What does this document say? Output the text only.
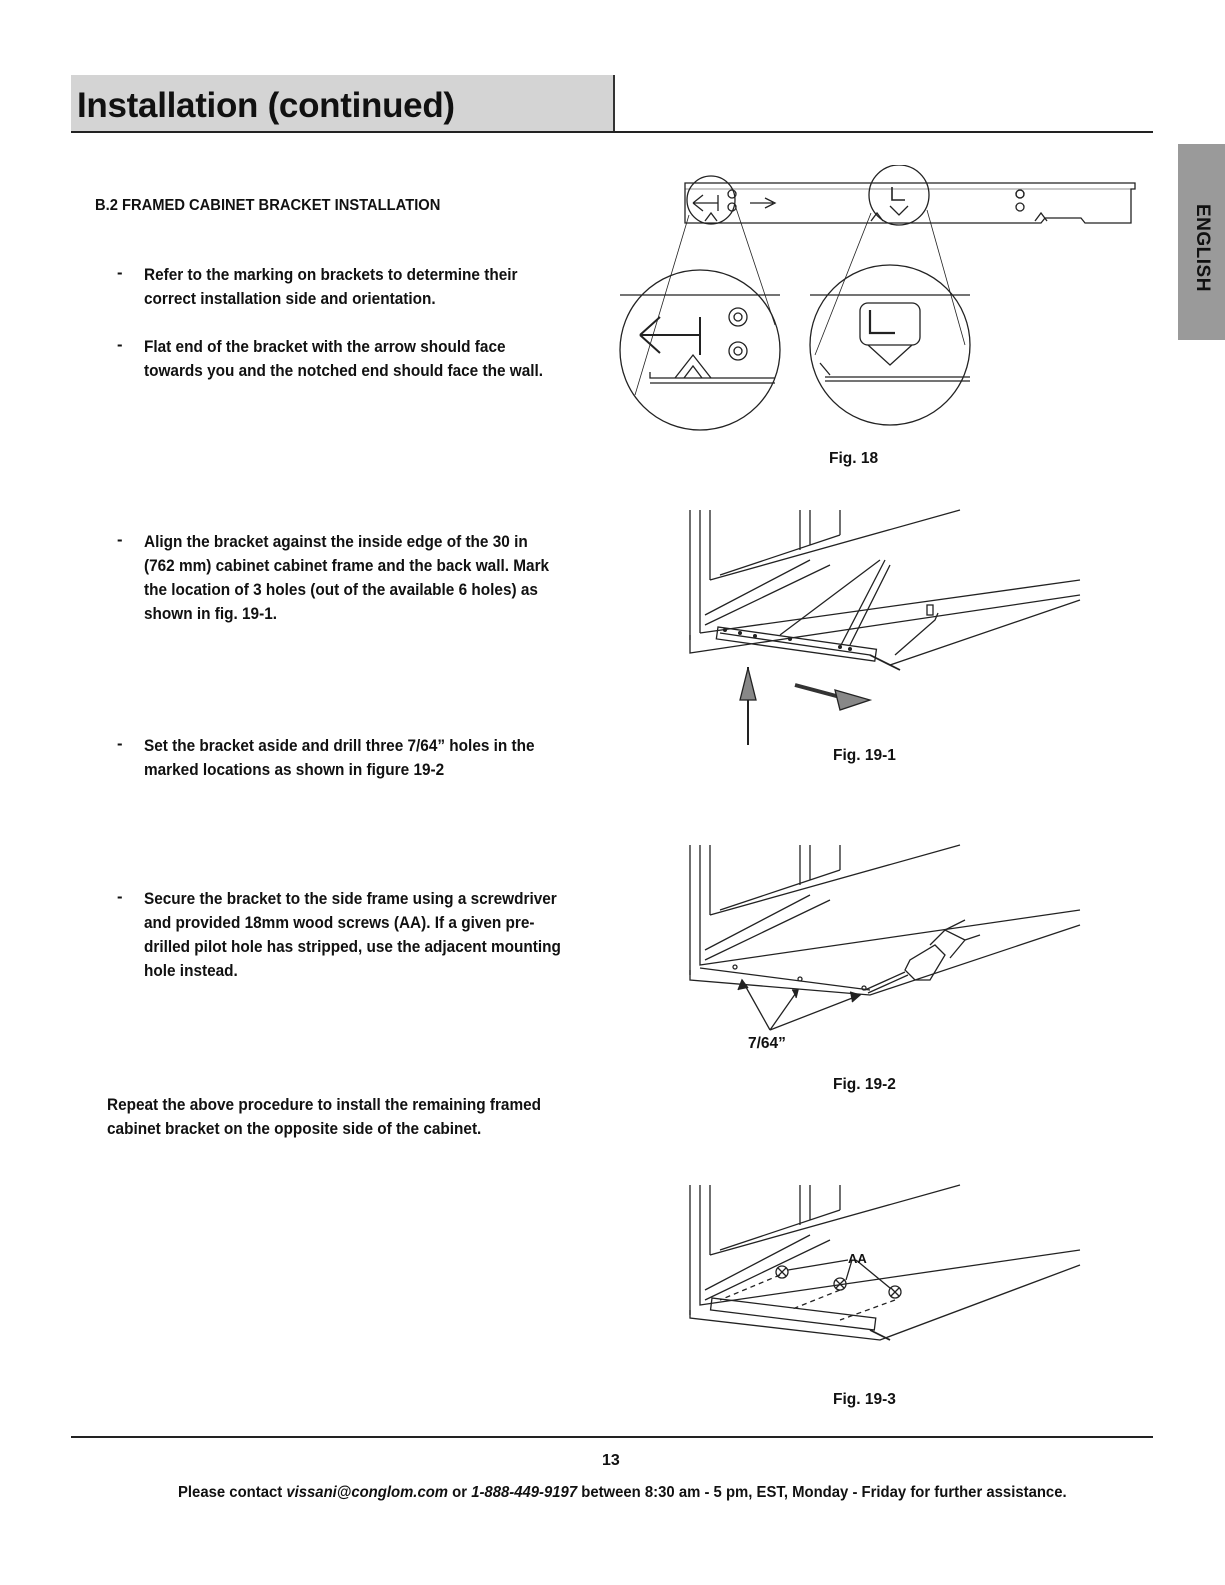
Installation (continued)
ENGLISH
B.2 FRAMED CABINET BRACKET INSTALLATION
- Refer to the marking on brackets to determine their correct installation side and orientation.
- Flat end of the bracket with the arrow should face towards you and the notched end should face the wall.
- Align the bracket against the inside edge of the 30 in (762 mm) cabinet cabinet frame and the back wall. Mark the location of 3 holes (out of the available 6 holes) as shown in fig. 19-1.
- Set the bracket aside and drill three 7/64” holes in the marked locations as shown in figure 19-2
- Secure the bracket to the side frame using a screwdriver and provided 18mm wood screws (AA). If a given pre-drilled pilot hole has stripped, use the adjacent mounting hole instead.
Repeat the above procedure to install the remaining framed cabinet bracket on the opposite side of the cabinet.
Fig. 18
Fig. 19-1
7/64”
Fig. 19-2
AA
Fig. 19-3
13
Please contact vissani@conglom.com or 1-888-449-9197 between 8:30 am - 5 pm, EST, Monday - Friday for further assistance.
